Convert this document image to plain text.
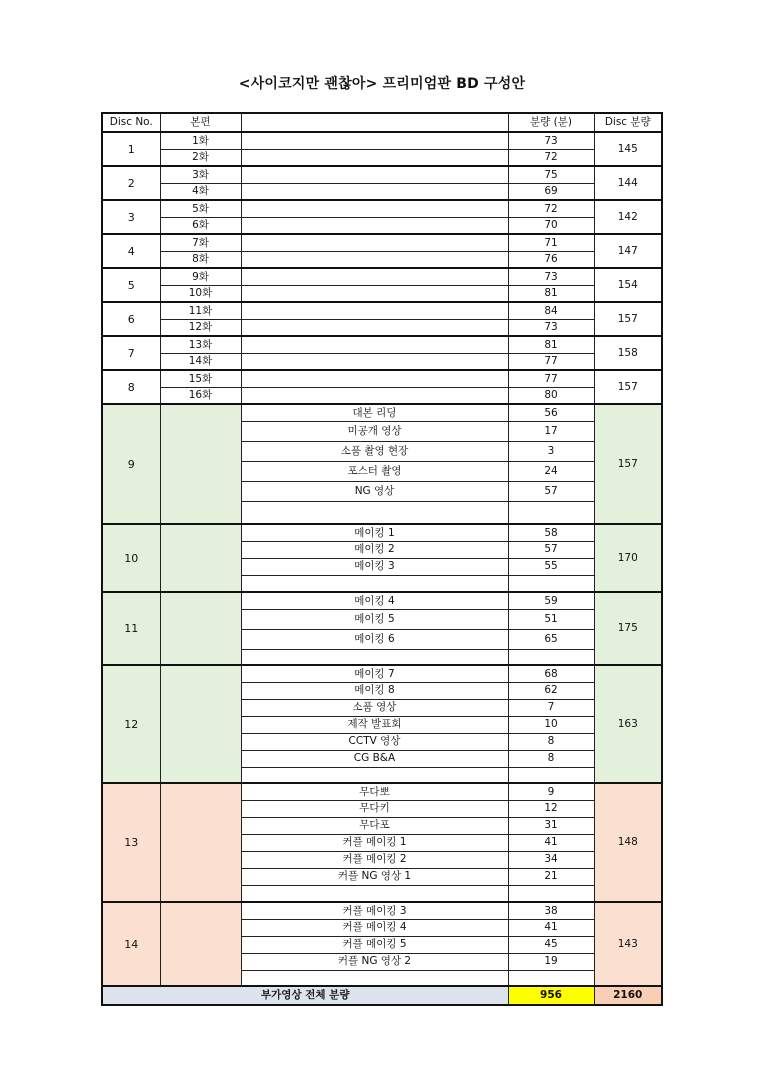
<사이코지만 괜찮아> 프리미엄판 BD 구성안
Disc No.	본편		분량 (분)	Disc 분량
1	1화		73	145
	2화		72	
2	3화		75	144
	4화		69	
3	5화		72	142
	6화		70	
4	7화		71	147
	8화		76	
5	9화		73	154
	10화		81	
6	11화		84	157
	12화		73	
7	13화		81	158
	14화		77	
8	15화		77	157
	16화		80	
9		대본 리딩	56	157
		미공개 영상	17	
		소품 촬영 현장	3	
		포스터 촬영	24	
		NG 영상	57	

10		메이킹 1	58	170
		메이킹 2	57	
		메이킹 3	55	

11		메이킹 4	59	175
		메이킹 5	51	
		메이킹 6	65	

12		메이킹 7	68	163
		메이킹 8	62	
		소품 영상	7	
		제작 발표회	10	
		CCTV 영상	8	
		CG B&A	8	

13		무다뽀	9	148
		무다키	12	
		무다포	31	
		커플 메이킹 1	41	
		커플 메이킹 2	34	
		커플 NG 영상 1	21	

14		커플 메이킹 3	38	143
		커플 메이킹 4	41	
		커플 메이킹 5	45	
		커플 NG 영상 2	19	

부가영상 전체 분량			956	2160
